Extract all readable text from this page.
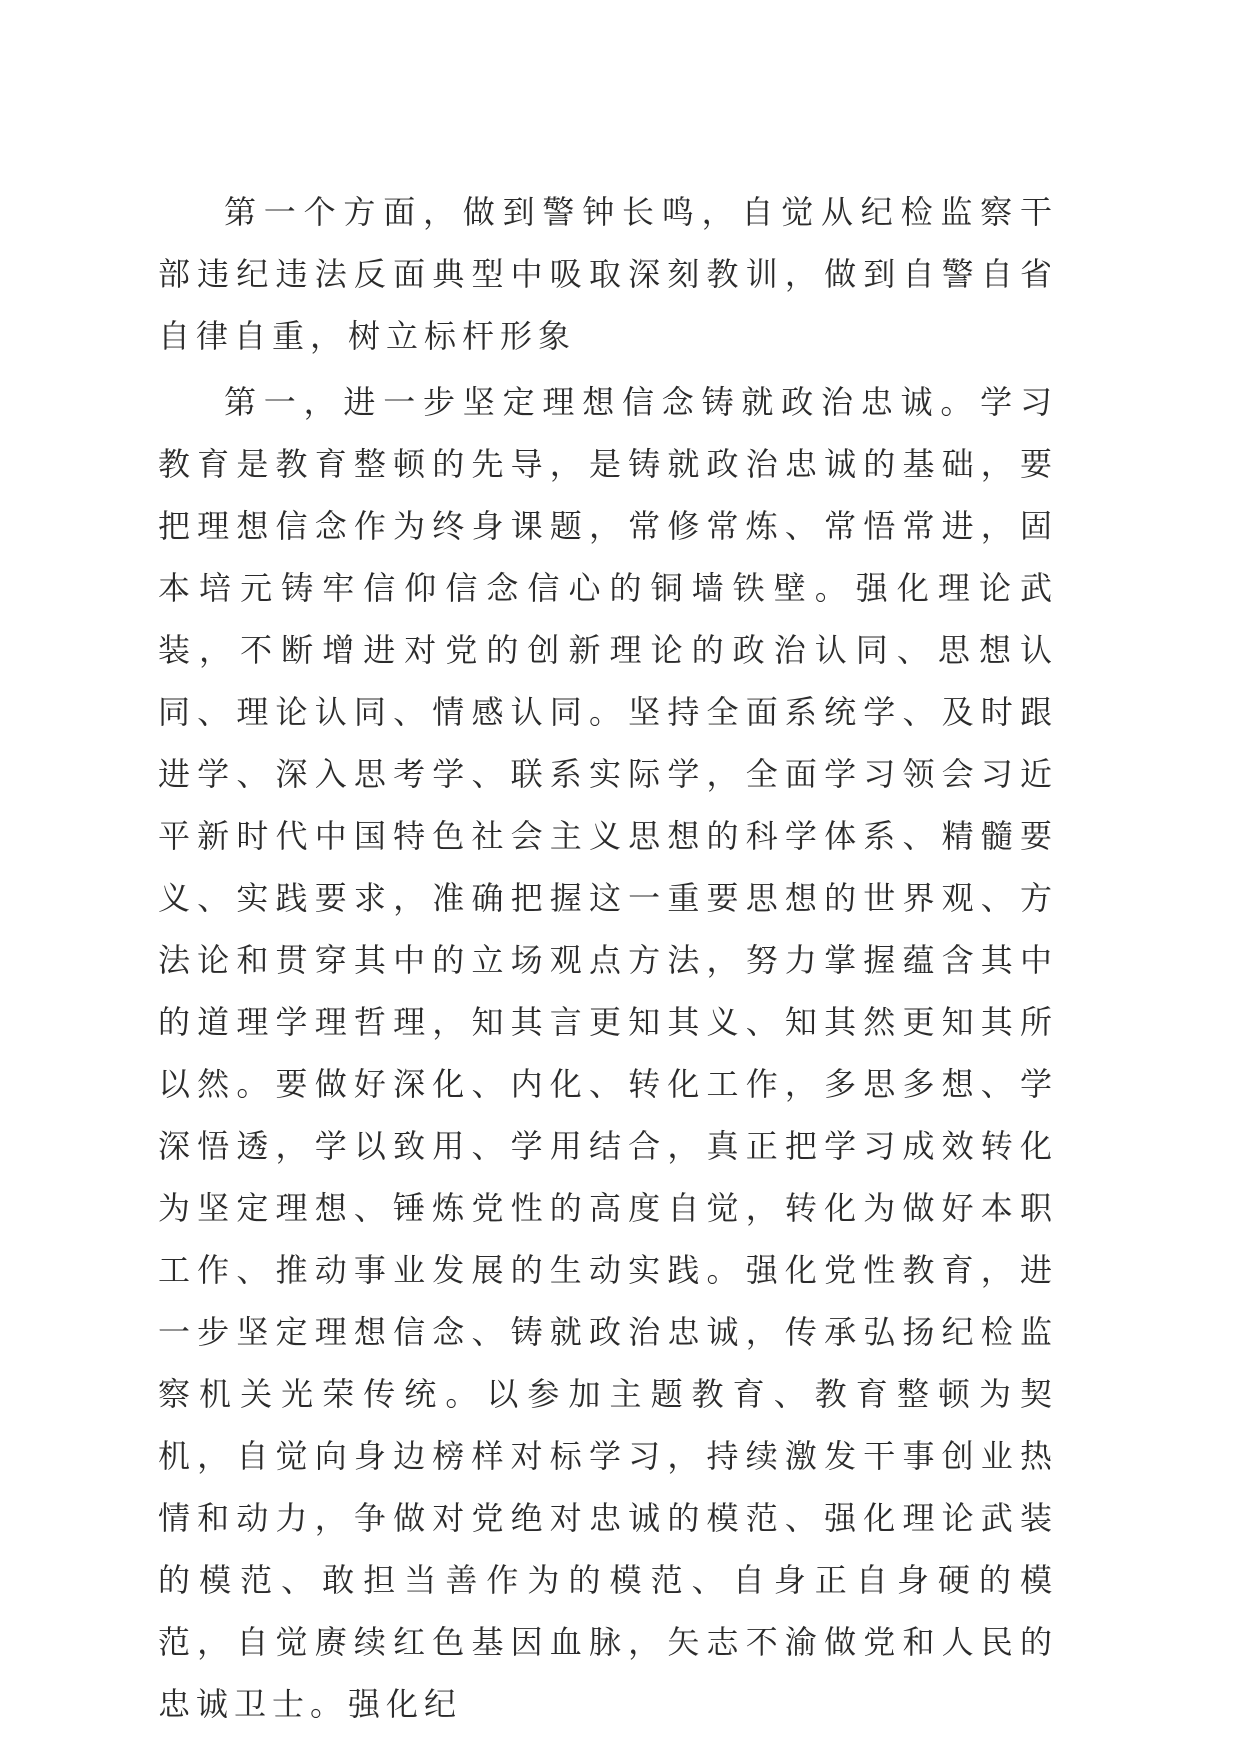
第一个方面，做到警钟长鸣，自觉从纪检监察干部违纪违法反面典型中吸取深刻教训，做到自警自省自律自重，树立标杆形象

第一，进一步坚定理想信念铸就政治忠诚。学习教育是教育整顿的先导，是铸就政治忠诚的基础，要把理想信念作为终身课题，常修常炼、常悟常进，固本培元铸牢信仰信念信心的铜墙铁壁。强化理论武装，不断增进对党的创新理论的政治认同、思想认同、理论认同、情感认同。坚持全面系统学、及时跟进学、深入思考学、联系实际学，全面学习领会习近平新时代中国特色社会主义思想的科学体系、精髓要义、实践要求，准确把握这一重要思想的世界观、方法论和贯穿其中的立场观点方法，努力掌握蕴含其中的道理学理哲理，知其言更知其义、知其然更知其所以然。要做好深化、内化、转化工作，多思多想、学深悟透，学以致用、学用结合，真正把学习成效转化为坚定理想、锤炼党性的高度自觉，转化为做好本职工作、推动事业发展的生动实践。强化党性教育，进一步坚定理想信念、铸就政治忠诚，传承弘扬纪检监察机关光荣传统。以参加主题教育、教育整顿为契机，自觉向身边榜样对标学习，持续激发干事创业热情和动力，争做对党绝对忠诚的模范、强化理论武装的模范、敢担当善作为的模范、自身正自身硬的模范，自觉赓续红色基因血脉，矢志不渝做党和人民的忠诚卫士。强化纪
